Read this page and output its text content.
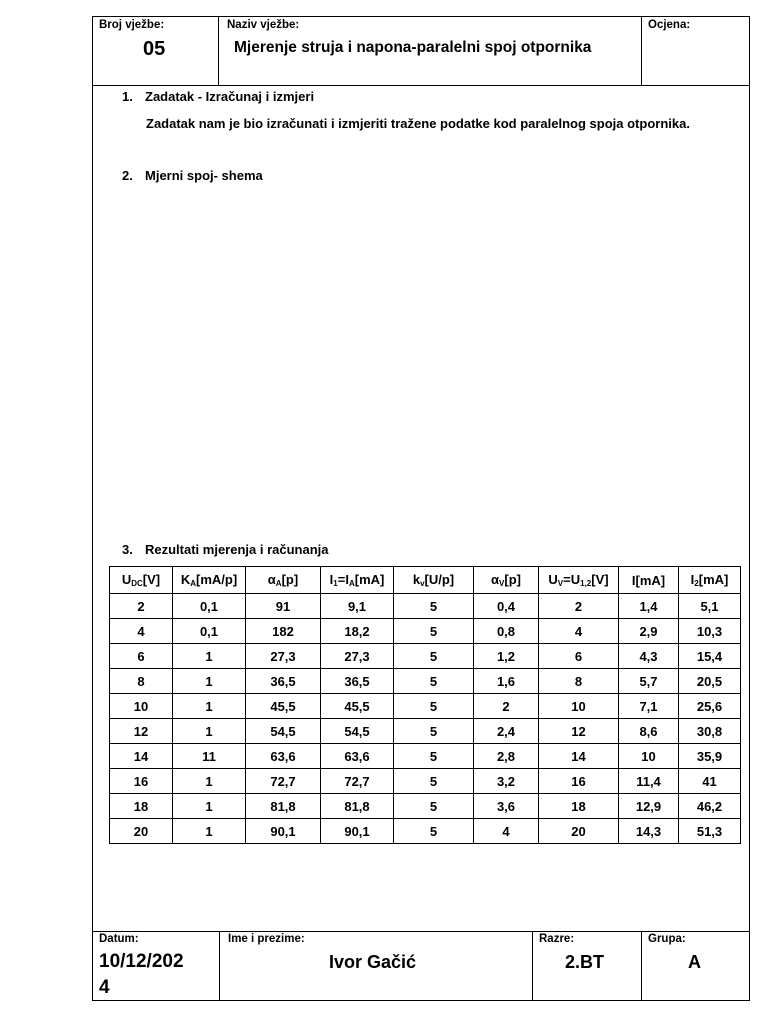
Broj vježbe:
05
Naziv vježbe:
Mjerenje struja i napona-paralelni spoj otpornika
Ocjena:
1. Zadatak - Izračunaj i izmjeri
Zadatak nam je bio izračunati i izmjeriti tražene podatke kod paralelnog spoja otpornika.
2. Mjerni spoj- shema
3. Rezultati mjerenja i računanja
$U_{DC}[V]$	$K_A[mA/p]$	$\alpha_A[p]$	$I_1=I_A[mA]$	$k_v[U/p]$	$\alpha_V[p]$	$U_V=U_{1,2}[V]$	I[mA]	$I_2[mA]$
2	0,1	91	9,1	5	0,4	2	1,4	5,1
4	0,1	182	18,2	5	0,8	4	2,9	10,3
6	1	27,3	27,3	5	1,2	6	4,3	15,4
8	1	36,5	36,5	5	1,6	8	5,7	20,5
10	1	45,5	45,5	5	2	10	7,1	25,6
12	1	54,5	54,5	5	2,4	12	8,6	30,8
14	11	63,6	63,6	5	2,8	14	10	35,9
16	1	72,7	72,7	5	3,2	16	11,4	41
18	1	81,8	81,8	5	3,6	18	12,9	46,2
20	1	90,1	90,1	5	4	20	14,3	51,3
Datum:
10/12/202
4
Ime i prezime:
Ivor Gačić
Razre:
2.BT
Grupa:
A
